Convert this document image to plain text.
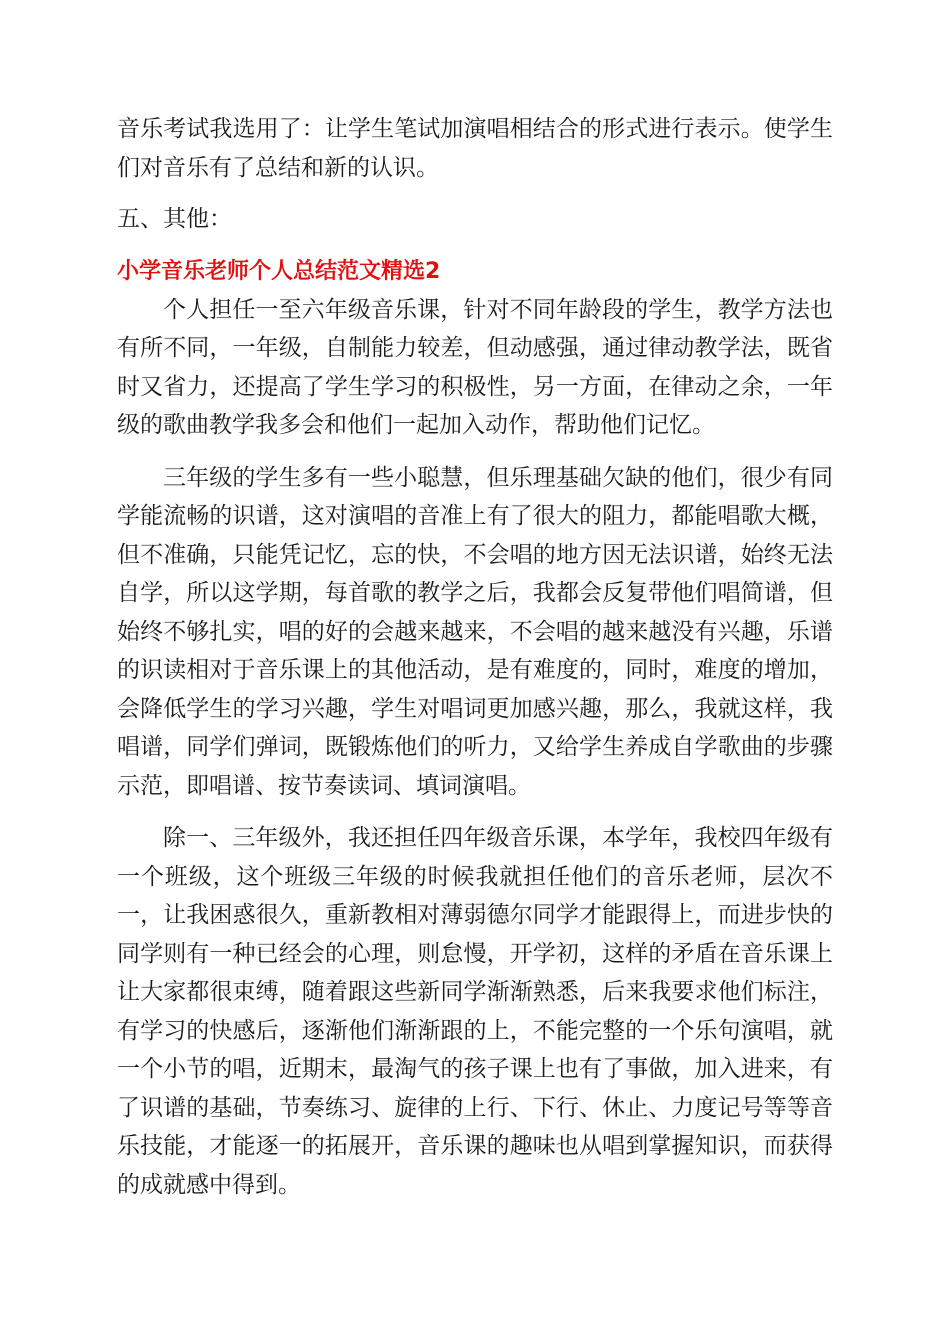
音乐考试我选用了：让学生笔试加演唱相结合的形式进行表示。使学生们对音乐有了总结和新的认识。

五、其他：

小学音乐老师个人总结范文精选2

个人担任一至六年级音乐课，针对不同年龄段的学生，教学方法也有所不同，一年级，自制能力较差，但动感强，通过律动教学法，既省时又省力，还提高了学生学习的积极性，另一方面，在律动之余，一年级的歌曲教学我多会和他们一起加入动作，帮助他们记忆。

三年级的学生多有一些小聪慧，但乐理基础欠缺的他们，很少有同学能流畅的识谱，这对演唱的音准上有了很大的阻力，都能唱歌大概，但不准确，只能凭记忆，忘的快，不会唱的地方因无法识谱，始终无法自学，所以这学期，每首歌的教学之后，我都会反复带他们唱简谱，但始终不够扎实，唱的好的会越来越来，不会唱的越来越没有兴趣，乐谱的识读相对于音乐课上的其他活动，是有难度的，同时，难度的增加，会降低学生的学习兴趣，学生对唱词更加感兴趣，那么，我就这样，我唱谱，同学们弹词，既锻炼他们的听力，又给学生养成自学歌曲的步骤示范，即唱谱、按节奏读词、填词演唱。

除一、三年级外，我还担任四年级音乐课，本学年，我校四年级有一个班级，这个班级三年级的时候我就担任他们的音乐老师，层次不一，让我困惑很久，重新教相对薄弱德尔同学才能跟得上，而进步快的同学则有一种已经会的心理，则怠慢，开学初，这样的矛盾在音乐课上让大家都很束缚，随着跟这些新同学渐渐熟悉，后来我要求他们标注，有学习的快感后，逐渐他们渐渐跟的上，不能完整的一个乐句演唱，就一个小节的唱，近期末，最淘气的孩子课上也有了事做，加入进来，有了识谱的基础，节奏练习、旋律的上行、下行、休止、力度记号等等音乐技能，才能逐一的拓展开，音乐课的趣味也从唱到掌握知识，而获得的成就感中得到。
